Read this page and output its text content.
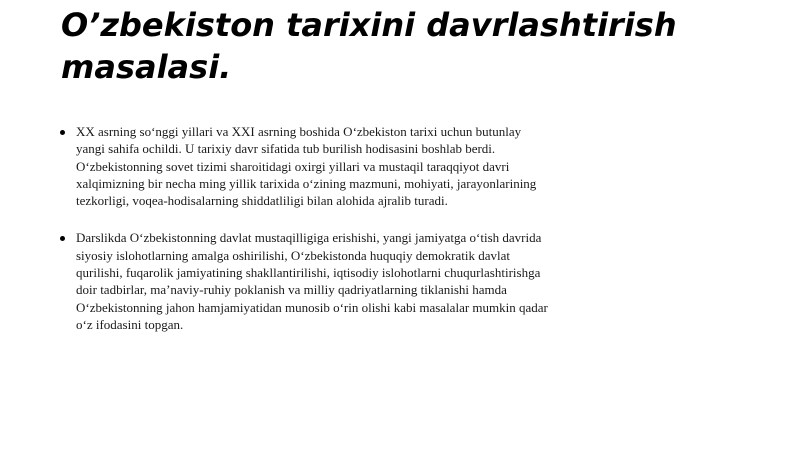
O’zbekiston tarixini davrlashtirish masalasi.
XX asrning so‘nggi yillari va XXI asrning boshida O‘zbekiston tarixi uchun butunlay yangi sahifa ochildi. U tarixiy davr sifatida tub burilish hodisasini boshlab berdi. O‘zbekistonning sovet tizimi sharoitidagi oxirgi yillari va mustaqil taraqqiyot davri xalqimizning bir necha ming yillik tarixida o‘zining mazmuni, mohiyati, jarayonlarining tezkorligi, voqea-hodisalarning shiddatliligi bilan alohida ajralib turadi.
Darslikda O‘zbekistonning davlat mustaqilligiga erishishi, yangi jamiyatga o‘tish davrida siyosiy islohotlarning amalga oshirilishi, O‘zbekistonda huquqiy demokratik davlat qurilishi, fuqarolik jamiyatining shakllantirilishi, iqtisodiy islohotlarni chuqurlashtirishga doir tadbirlar, ma’naviy-ruhiy poklanish va milliy qadriyatlarning tiklanishi hamda O‘zbekistonning jahon hamjamiyatidan munosib o‘rin olishi kabi masalalar mumkin qadar o‘z ifodasini topgan.
